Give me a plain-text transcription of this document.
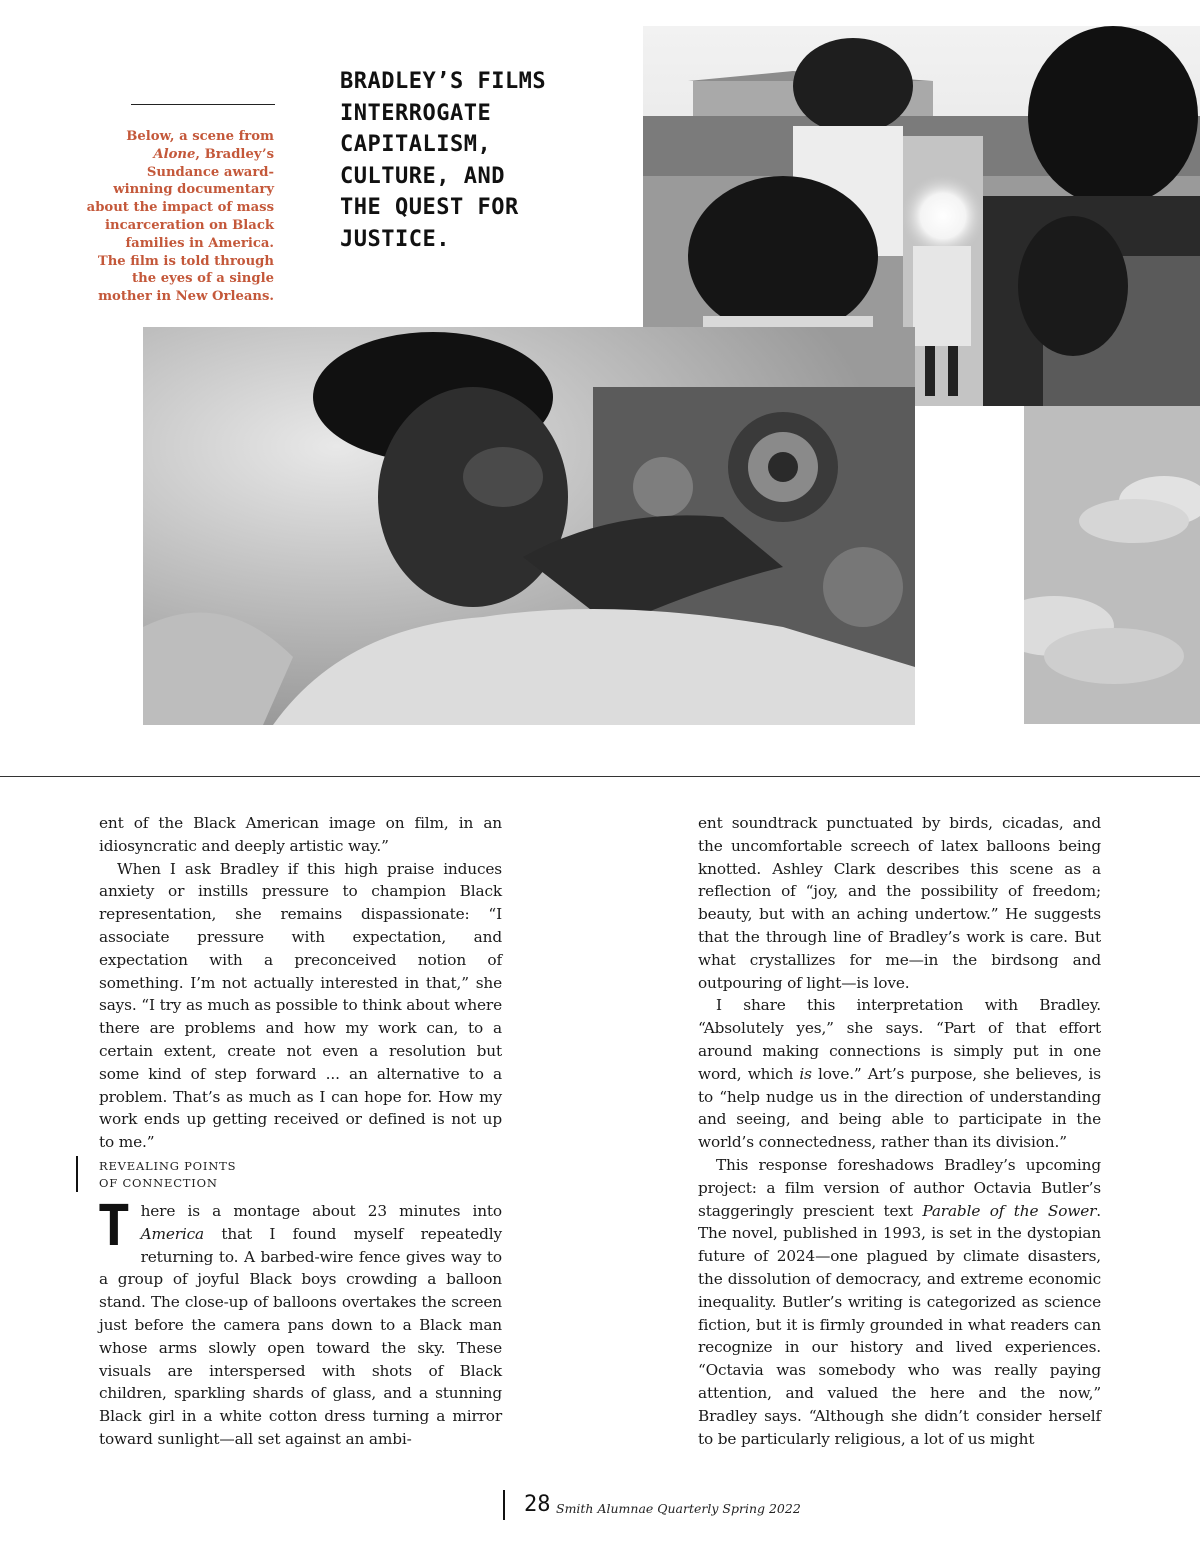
Below, a scene from
Alone, Bradley’s
Sundance award-
winning documentary
about the impact of mass
incarceration on Black
families in America.
The film is told through
the eyes of a single
mother in New Orleans.
BRADLEY’S FILMS
INTERROGATE
CAPITALISM,
CULTURE, AND
THE QUEST FOR
JUSTICE.

ent of the Black American image on film, in an idiosyncratic and deeply artistic way.”

When I ask Bradley if this high praise induces anxiety or instills pressure to champion Black representation, she remains dispassionate: “I associate pressure with expectation, and expectation with a preconceived notion of something. I’m not actually interested in that,” she says. “I try as much as possible to think about where there are problems and how my work can, to a certain extent, create not even a resolution but some kind of step forward ... an alternative to a problem. That’s as much as I can hope for. How my work ends up getting received or defined is not up to me.”

REVEALING POINTS
OF CONNECTION

There is a montage about 23 minutes into America that I found myself repeatedly returning to. A barbed-wire fence gives way to a group of joyful Black boys crowding a balloon stand. The close-up of balloons overtakes the screen just before the camera pans down to a Black man whose arms slowly open toward the sky. These visuals are interspersed with shots of Black children, sparkling shards of glass, and a stunning Black girl in a white cotton dress turning a mirror toward sunlight—all set against an ambi-

ent soundtrack punctuated by birds, cicadas, and the uncomfortable screech of latex balloons being knotted. Ashley Clark describes this scene as a reflection of “joy, and the possibility of freedom; beauty, but with an aching undertow.” He suggests that the through line of Bradley’s work is care. But what crystallizes for me—in the birdsong and outpouring of light—is love.

I share this interpretation with Bradley. “Absolutely yes,” she says. “Part of that effort around making connections is simply put in one word, which is love.” Art’s purpose, she believes, is to “help nudge us in the direction of understanding and seeing, and being able to participate in the world’s connectedness, rather than its division.”

This response foreshadows Bradley’s upcoming project: a film version of author Octavia Butler’s staggeringly prescient text Parable of the Sower. The novel, published in 1993, is set in the dystopian future of 2024—one plagued by climate disasters, the dissolution of democracy, and extreme economic inequality. Butler’s writing is categorized as science fiction, but it is firmly grounded in what readers can recognize in our history and lived experiences. “Octavia was somebody who was really paying attention, and valued the here and the now,” Bradley says. “Although she didn’t consider herself to be particularly religious, a lot of us might

28 Smith Alumnae Quarterly Spring 2022
